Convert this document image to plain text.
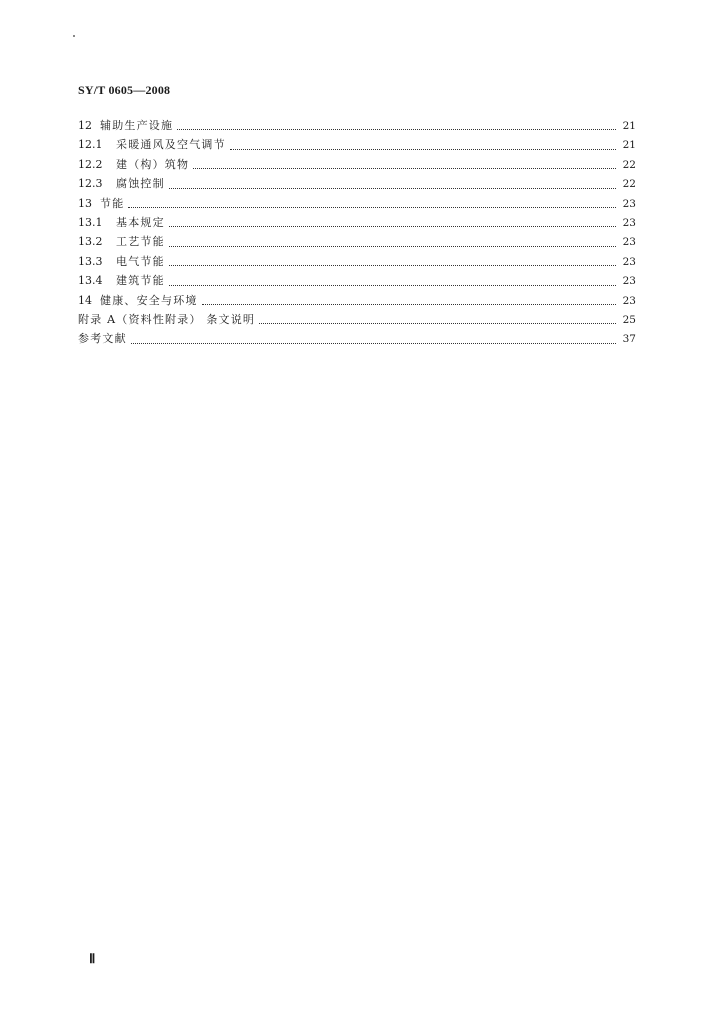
SY/T 0605—2008
12 辅助生产设施	21
12.1	采暖通风及空气调节	21
12.2	建（构）筑物	22
12.3	腐蚀控制	22
13 节能	23
13.1	基本规定	23
13.2	工艺节能	23
13.3	电气节能	23
13.4	建筑节能	23
14 健康、安全与环境	23
附录 A（资料性附录） 条文说明	25
参考文献	37
Ⅱ
